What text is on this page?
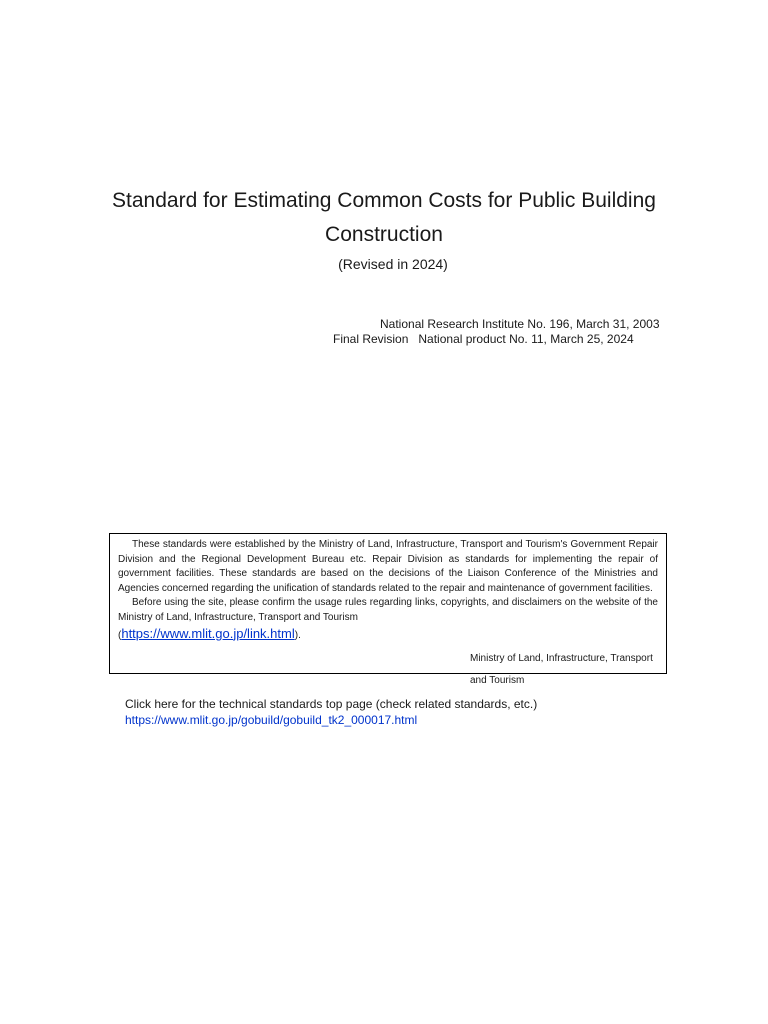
Standard for Estimating Common Costs for Public Building
Construction
(Revised in 2024)
National Research Institute No. 196, March 31, 2003
Final Revision National product No. 11, March 25, 2024

These standards were established by the Ministry of Land, Infrastructure, Transport and Tourism's Government Repair Division and the Regional Development Bureau etc. Repair Division as standards for implementing the repair of government facilities. These standards are based on the decisions of the Liaison Conference of the Ministries and Agencies concerned regarding the unification of standards related to the repair and maintenance of government facilities.

Before using the site, please confirm the usage rules regarding links, copyrights, and disclaimers on the website of the Ministry of Land, Infrastructure, Transport and Tourism

(https://www.mlit.go.jp/link.html).

Ministry of Land, Infrastructure, Transport
and Tourism
Click here for the technical standards top page (check related standards, etc.)
https://www.mlit.go.jp/gobuild/gobuild_tk2_000017.html
